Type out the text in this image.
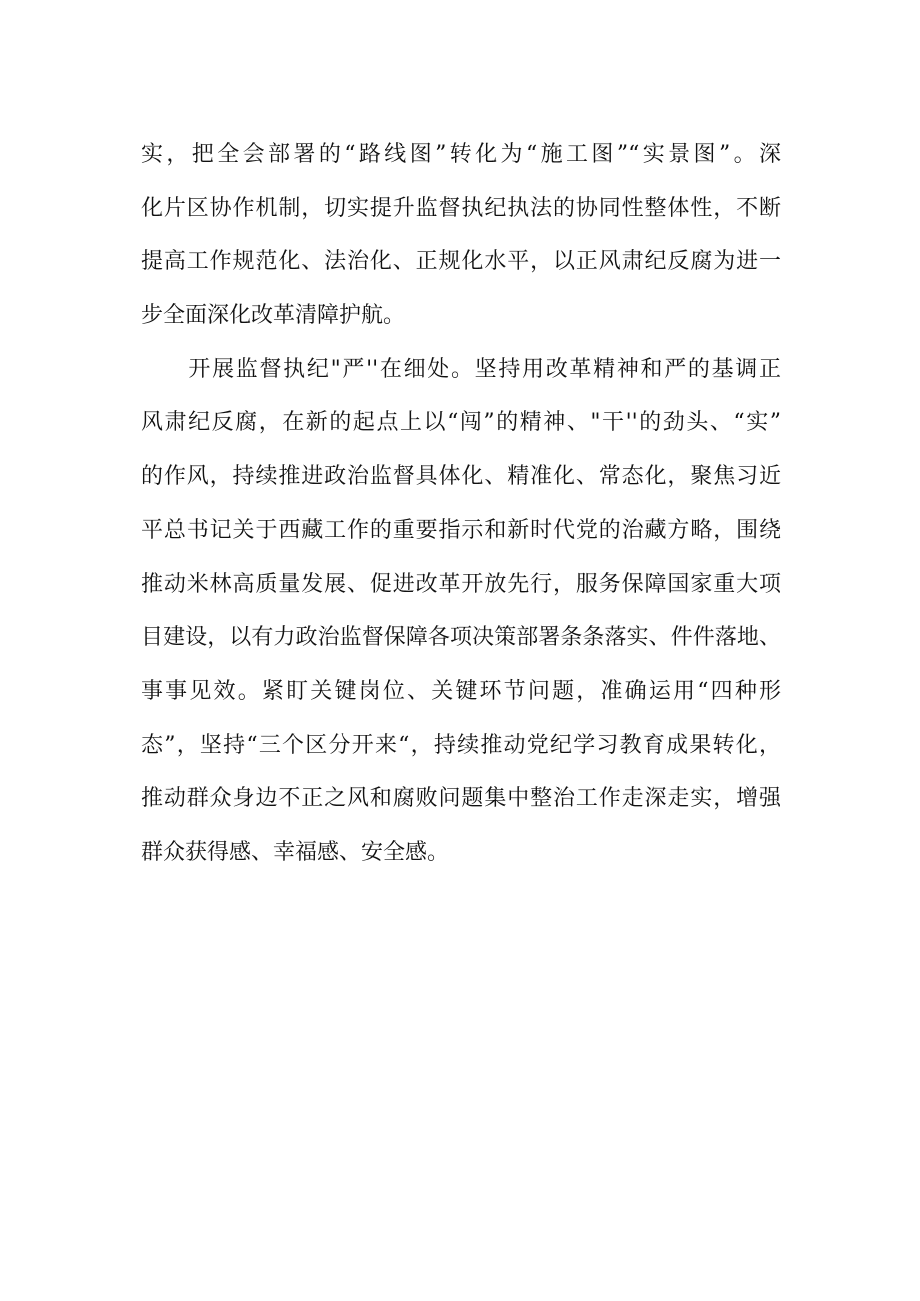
实，把全会部署的“路线图”转化为“施工图”“实景图”。深
化片区协作机制，切实提升监督执纪执法的协同性整体性，不断
提高工作规范化、法治化、正规化水平，以正风肃纪反腐为进一
步全面深化改革清障护航。
　　开展监督执纪"严''在细处。坚持用改革精神和严的基调正
风肃纪反腐，在新的起点上以“闯”的精神、"干''的劲头、“实”
的作风，持续推进政治监督具体化、精准化、常态化，聚焦习近
平总书记关于西藏工作的重要指示和新时代党的治藏方略，围绕
推动米林高质量发展、促进改革开放先行，服务保障国家重大项
目建设，以有力政治监督保障各项决策部署条条落实、件件落地、
事事见效。紧盯关键岗位、关键环节问题，准确运用“四种形
态”，坚持“三个区分开来“，持续推动党纪学习教育成果转化，
推动群众身边不正之风和腐败问题集中整治工作走深走实，增强
群众获得感、幸福感、安全感。
